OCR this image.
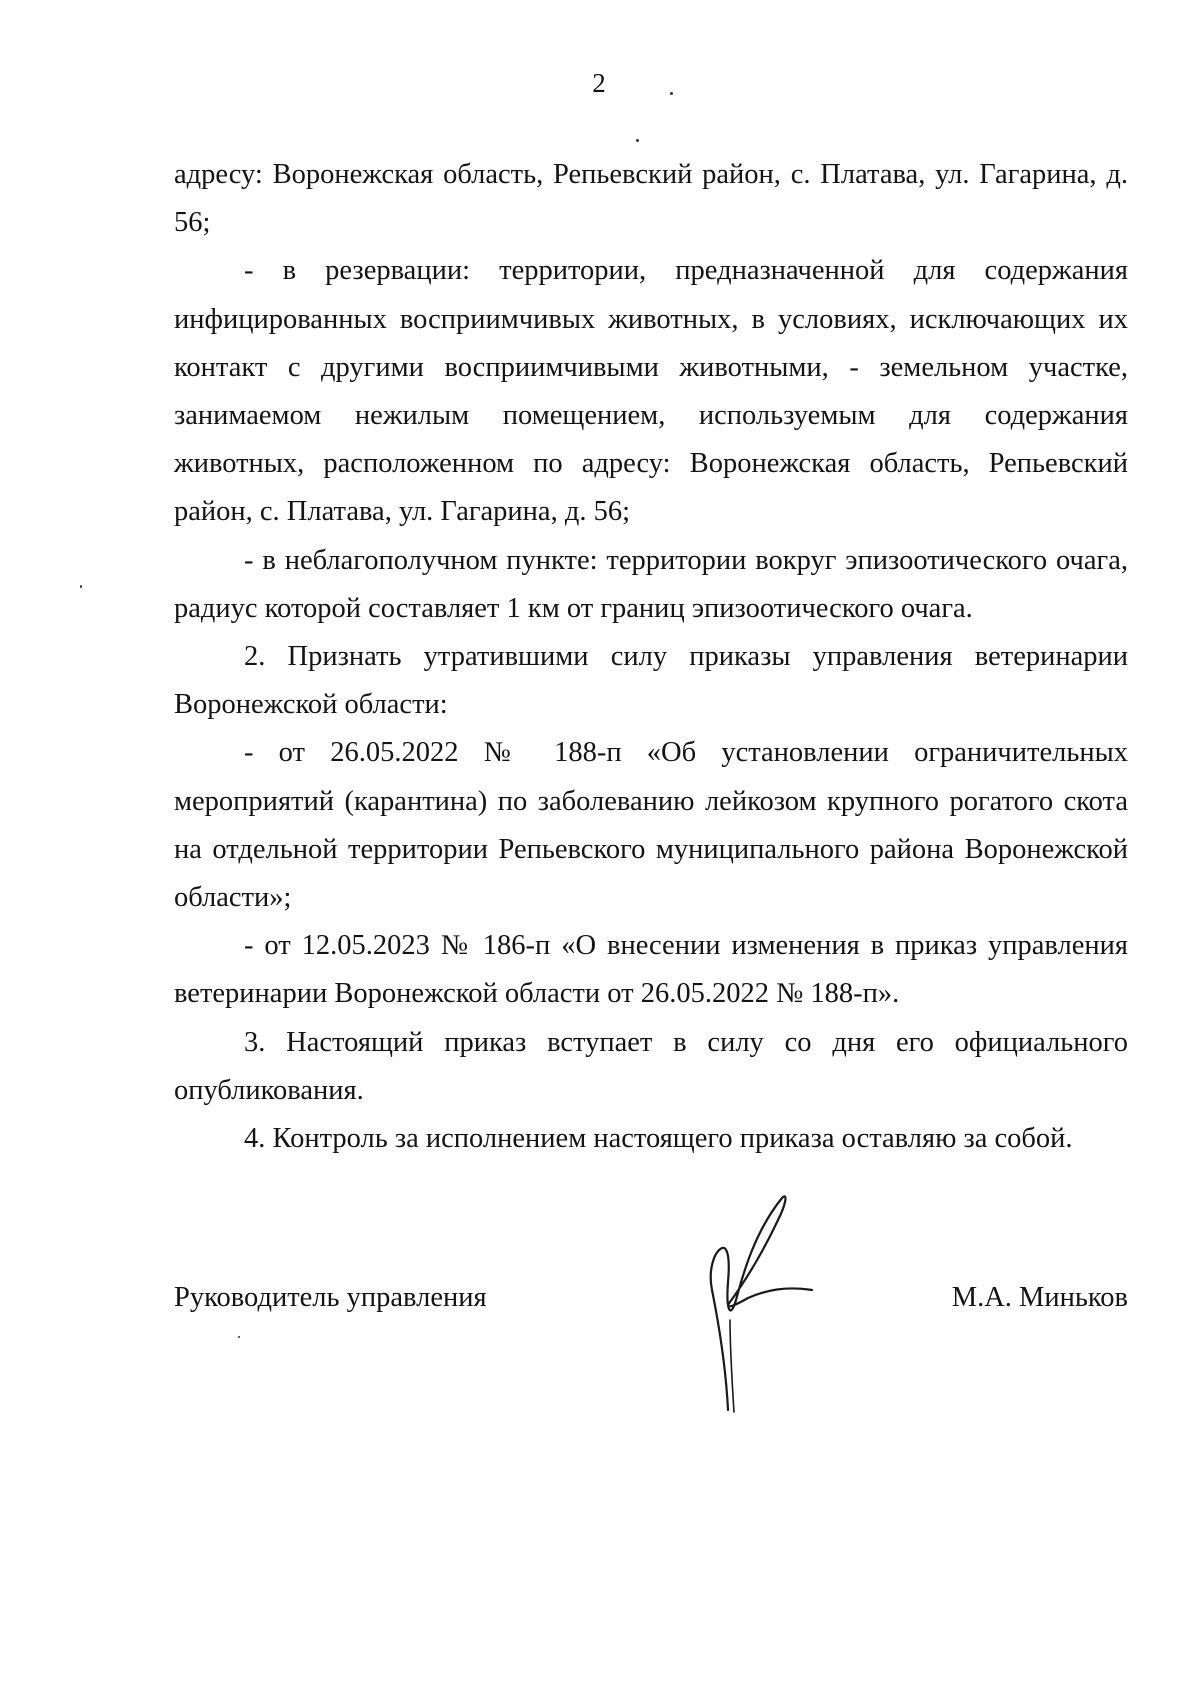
2

адресу: Воронежская область, Репьевский район, с. Платава, ул. Гагарина, д. 56;

- в резервации: территории, предназначенной для содержания инфицированных восприимчивых животных, в условиях, исключающих их контакт с другими восприимчивыми животными, - земельном участке, занимаемом нежилым помещением, используемым для содержания животных, расположенном по адресу: Воронежская область, Репьевский район, с. Платава, ул. Гагарина, д. 56;

- в неблагополучном пункте: территории вокруг эпизоотического очага, радиус которой составляет 1 км от границ эпизоотического очага.

2. Признать утратившими силу приказы управления ветеринарии Воронежской области:

- от 26.05.2022 № 188-п «Об установлении ограничительных мероприятий (карантина) по заболеванию лейкозом крупного рогатого скота на отдельной территории Репьевского муниципального района Воронежской области»;

- от 12.05.2023 № 186-п «О внесении изменения в приказ управления ветеринарии Воронежской области от 26.05.2022 № 188-п».

3. Настоящий приказ вступает в силу со дня его официального опубликования.

4. Контроль за исполнением настоящего приказа оставляю за собой.

Руководитель управления	М.А. Миньков
